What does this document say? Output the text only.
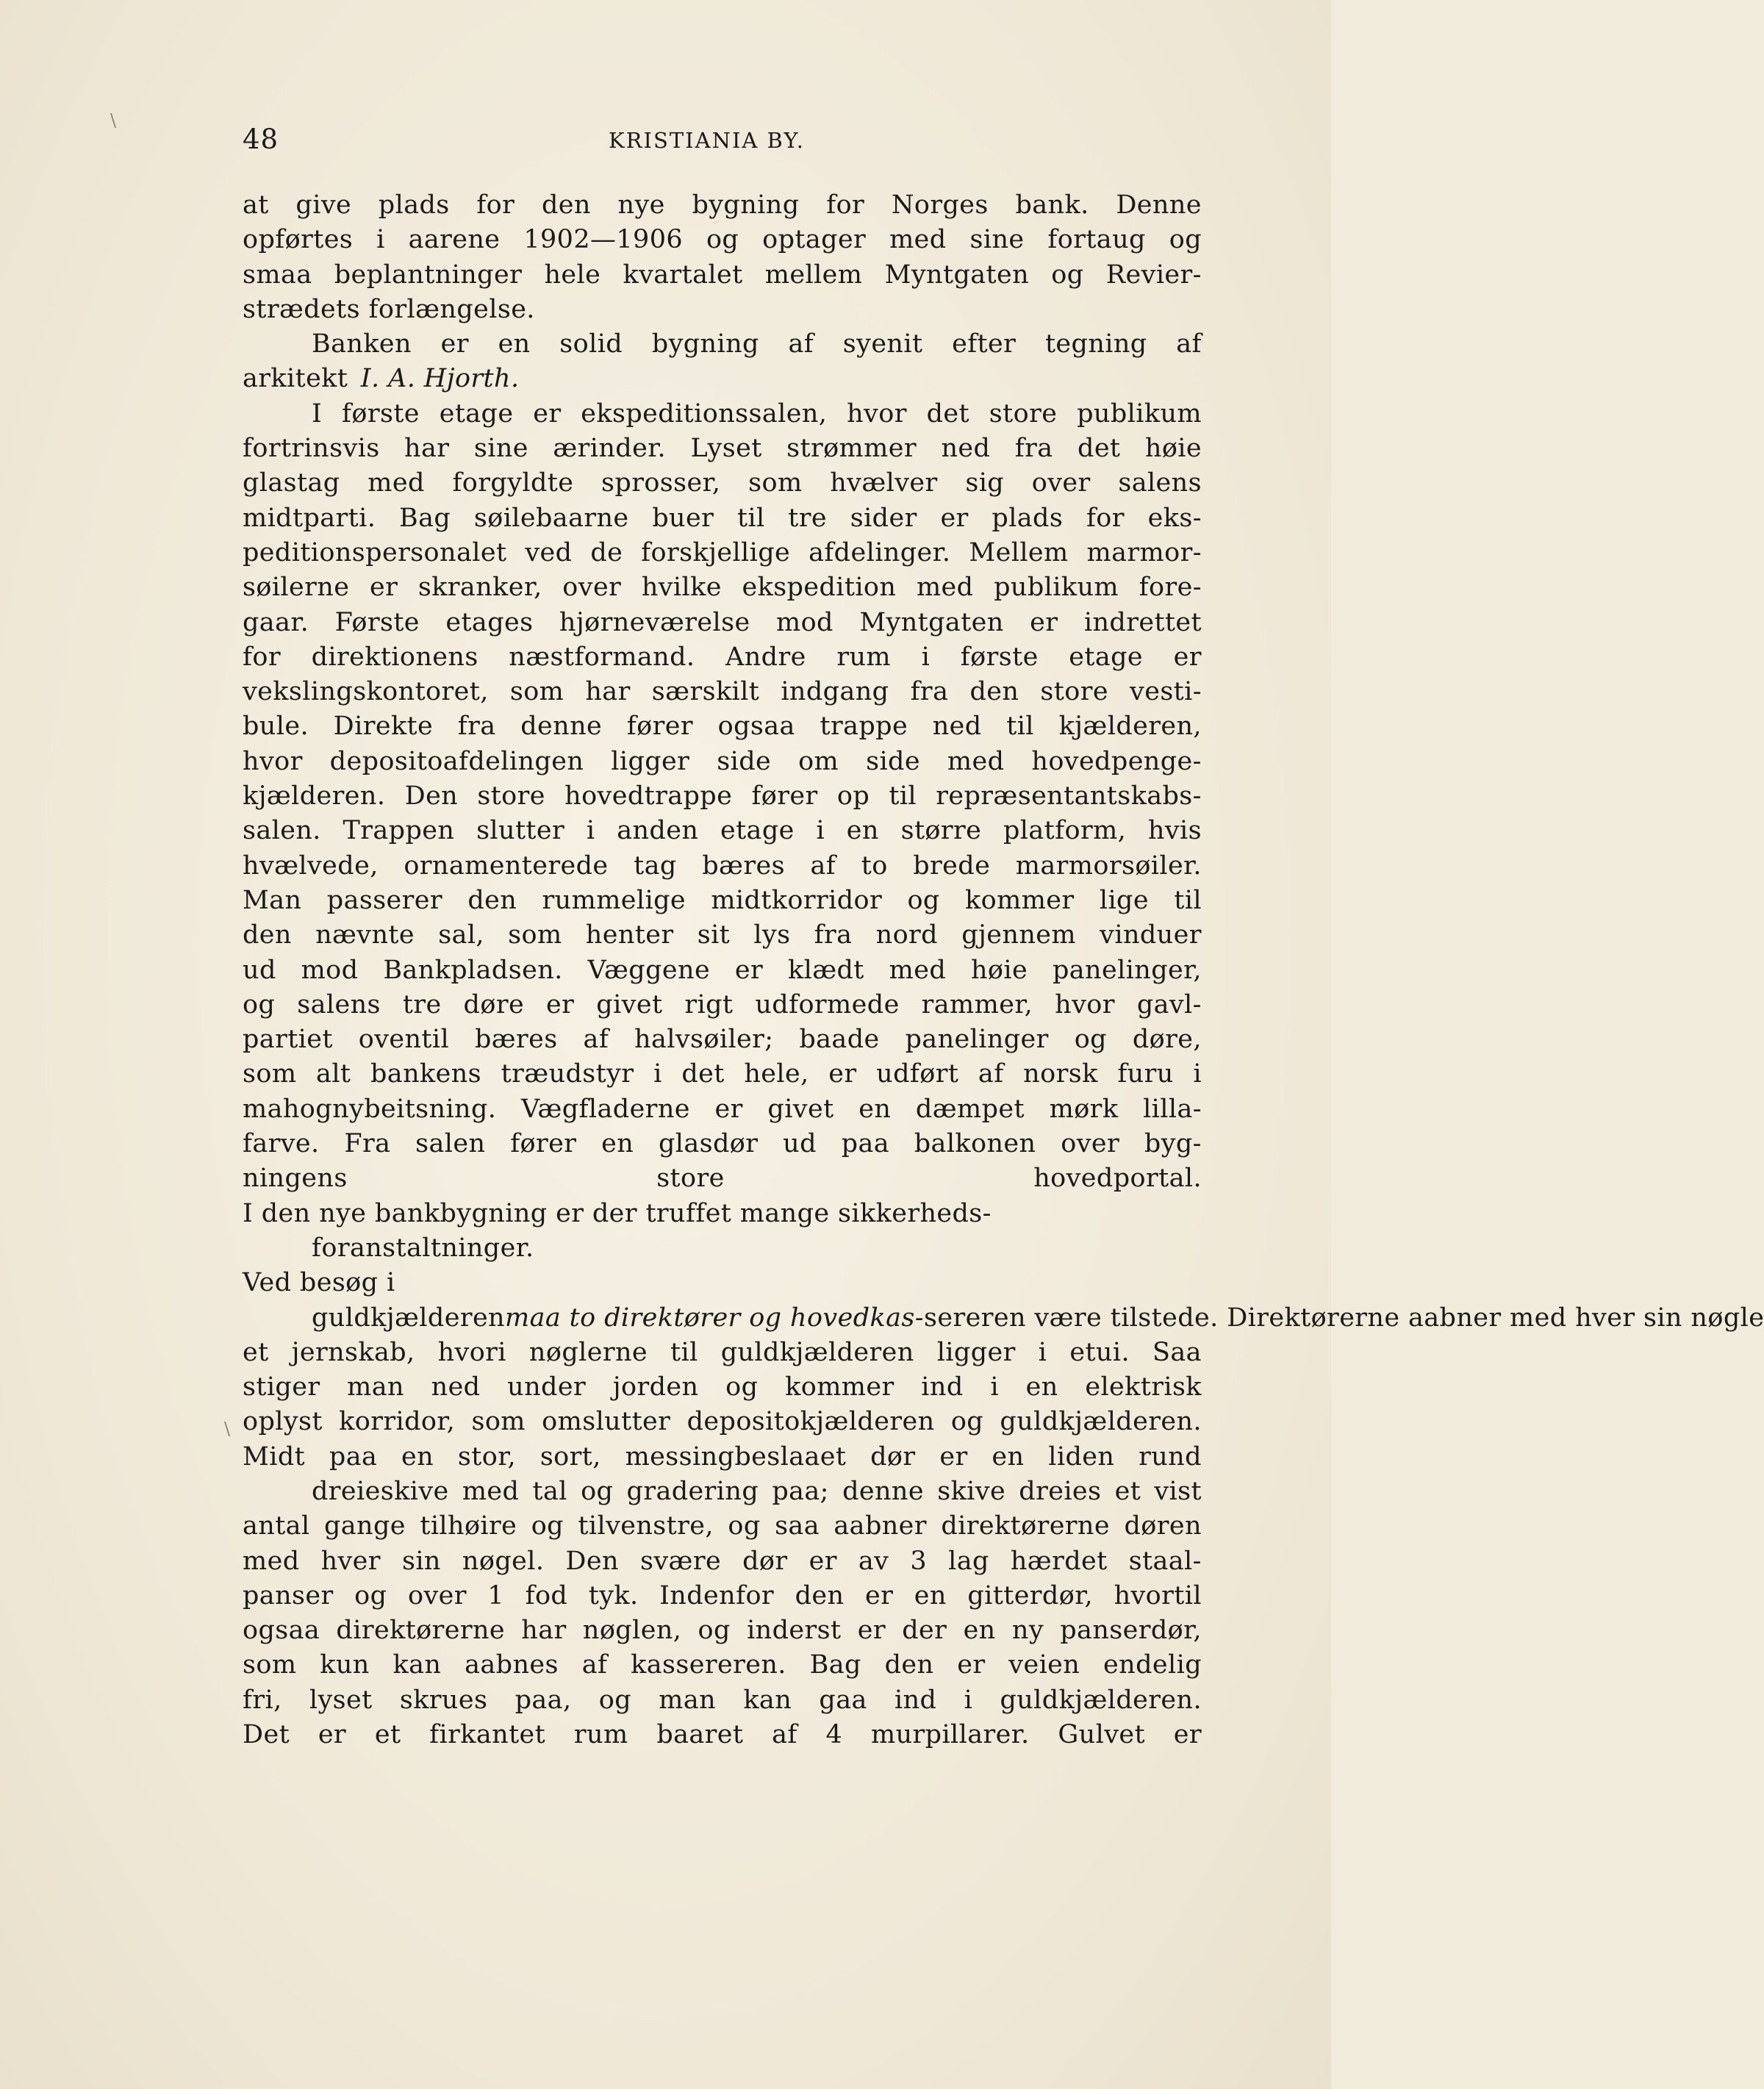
48	KRISTIANIA BY.
at give plads for den nye bygning for Norges bank. Denne
opførtes i aarene 1902—1906 og optager med sine fortaug og
smaa beplantninger hele kvartalet mellem Myntgaten og Revier-
strædets forlængelse.
Banken er en solid bygning af syenit efter tegning af
arkitekt I. A. Hjorth.
I første etage er ekspeditionssalen, hvor det store publikum
fortrinsvis har sine ærinder. Lyset strømmer ned fra det høie
glastag med forgyldte sprosser, som hvælver sig over salens
midtparti. Bag søilebaarne buer til tre sider er plads for eks-
peditionspersonalet ved de forskjellige afdelinger. Mellem marmor-
søilerne er skranker, over hvilke ekspedition med publikum fore-
gaar. Første etages hjørneværelse mod Myntgaten er indrettet
for direktionens næstformand. Andre rum i første etage er
vekslingskontoret, som har særskilt indgang fra den store vesti-
bule. Direkte fra denne fører ogsaa trappe ned til kjælderen,
hvor depositoafdelingen ligger side om side med hovedpenge-
kjælderen. Den store hovedtrappe fører op til repræsentantskabs-
salen. Trappen slutter i anden etage i en større platform, hvis
hvælvede, ornamenterede tag bæres af to brede marmorsøiler.
Man passerer den rummelige midtkorridor og kommer lige til
den nævnte sal, som henter sit lys fra nord gjennem vinduer
ud mod Bankpladsen. Væggene er klædt med høie panelinger,
og salens tre døre er givet rigt udformede rammer, hvor gavl-
partiet oventil bæres af halvsøiler; baade panelinger og døre,
som alt bankens træudstyr i det hele, er udført af norsk furu i
mahognybeitsning. Vægfladerne er givet en dæmpet mørk lilla-
farve. Fra salen fører en glasdør ud paa balkonen over byg-
ningens	store	hovedportal.
I den nye bankbygning er der truffet mange sikkerheds-
foranstaltninger.
Ved besøg i
guldkjælderen maa to direktører og hovedkas- sereren være tilstede. Direktørerne aabner med hver sin nøgle
et jernskab, hvori nøglerne til guldkjælderen ligger i etui. Saa
stiger man ned under jorden og kommer ind i en elektrisk
oplyst korridor, som omslutter depositokjælderen og guldkjælderen.
Midt paa en stor, sort, messingbeslaaet dør er en liden rund
dreieskive med tal og gradering paa; denne skive dreies et vist
antal gange tilhøire og tilvenstre, og saa aabner direktørerne døren
med hver sin nøgel. Den svære dør er av 3 lag hærdet staal-
panser og over 1 fod tyk. Indenfor den er en gitterdør, hvortil
ogsaa direktørerne har nøglen, og inderst er der en ny panserdør,
som kun kan aabnes af kassereren. Bag den er veien endelig
fri, lyset skrues paa, og man kan gaa ind i guldkjælderen.
Det er et firkantet rum baaret af 4 murpillarer. Gulvet er
\
\
